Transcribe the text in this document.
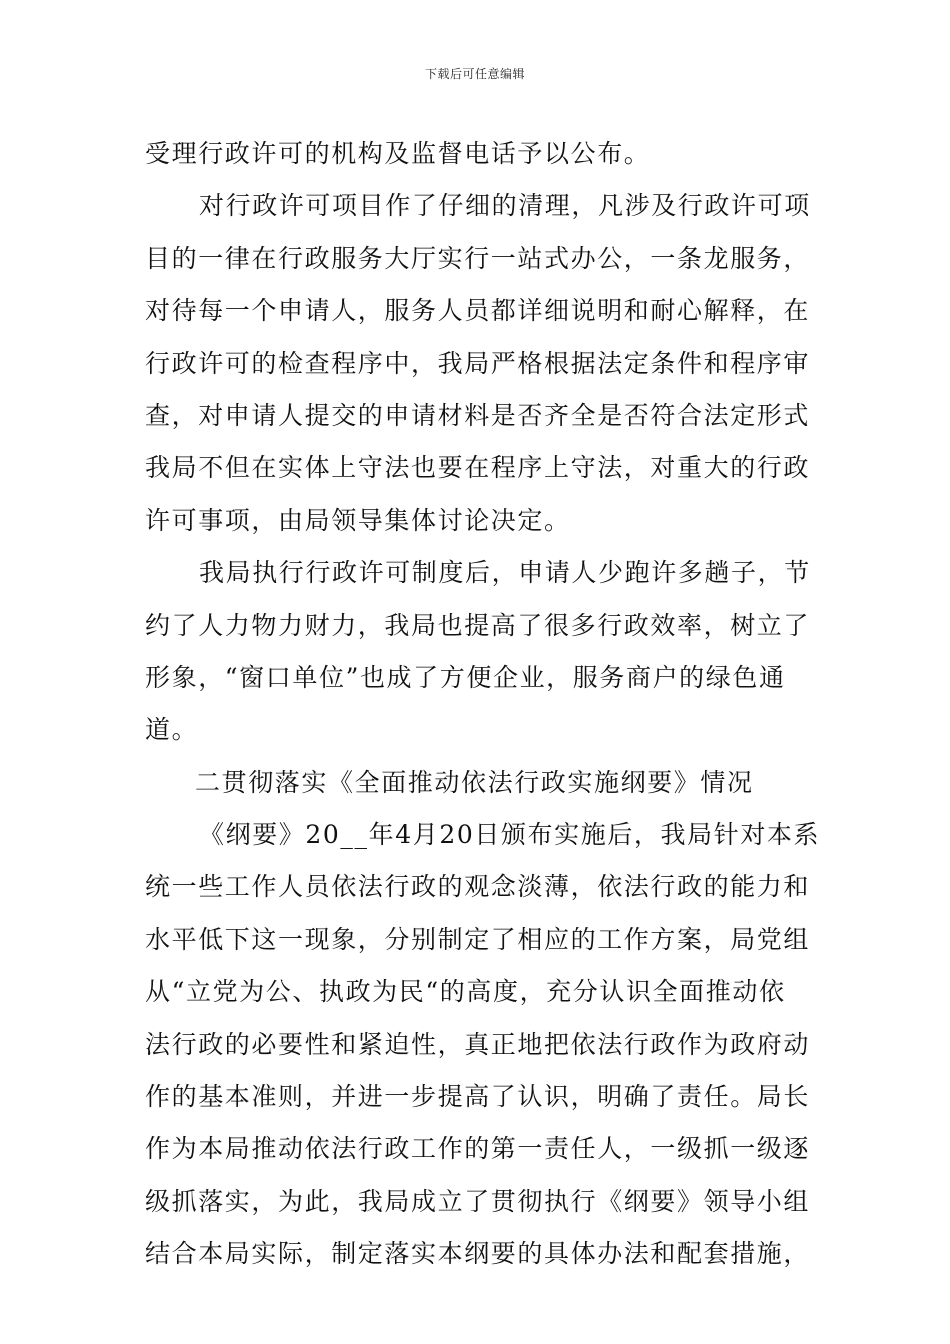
下载后可任意编辑
受理行政许可的机构及监督电话予以公布。
对行政许可项目作了仔细的清理，凡涉及行政许可项
目的一律在行政服务大厅实行一站式办公，一条龙服务，
对待每一个申请人，服务人员都详细说明和耐心解释，在
行政许可的检查程序中，我局严格根据法定条件和程序审
查，对申请人提交的申请材料是否齐全是否符合法定形式
我局不但在实体上守法也要在程序上守法，对重大的行政
许可事项，由局领导集体讨论决定。
我局执行行政许可制度后，申请人少跑许多趟子，节
约了人力物力财力，我局也提高了很多行政效率，树立了
形象，“窗口单位”也成了方便企业，服务商户的绿色通
道。
二贯彻落实《全面推动依法行政实施纲要》情况
《纲要》20__年4月20日颁布实施后，我局针对本系
统一些工作人员依法行政的观念淡薄，依法行政的能力和
水平低下这一现象，分别制定了相应的工作方案，局党组
从“立党为公、执政为民“的高度，充分认识全面推动依
法行政的必要性和紧迫性，真正地把依法行政作为政府动
作的基本准则，并进一步提高了认识，明确了责任。局长
作为本局推动依法行政工作的第一责任人，一级抓一级逐
级抓落实，为此，我局成立了贯彻执行《纲要》领导小组
结合本局实际，制定落实本纲要的具体办法和配套措施，
